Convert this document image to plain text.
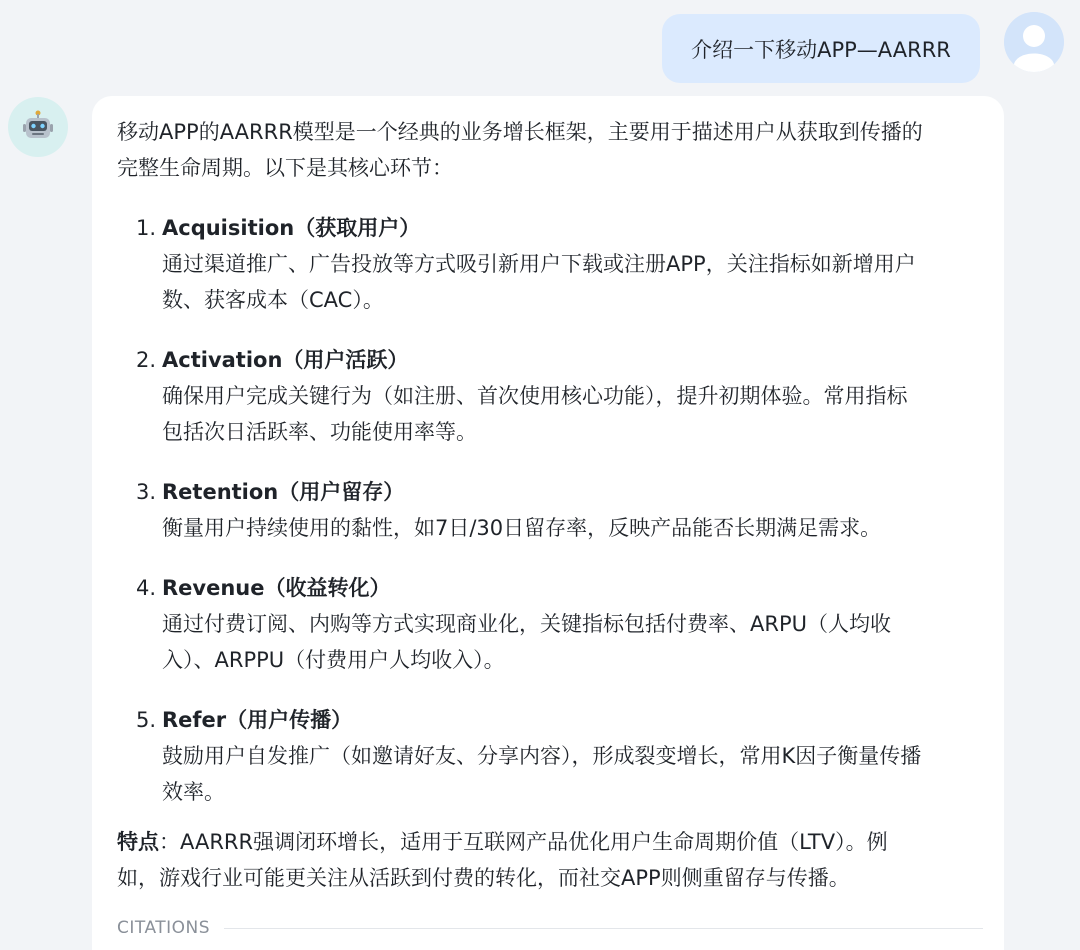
介绍一下移动APP—AARRR

移动APP的AARRR模型是一个经典的业务增长框架，主要用于描述用户从获取到传播的
完整生命周期。以下是其核心环节：

1. Acquisition（获取用户）
通过渠道推广、广告投放等方式吸引新用户下载或注册APP，关注指标如新增用户
数、获客成本（CAC）。
2. Activation（用户活跃）
确保用户完成关键行为（如注册、首次使用核心功能），提升初期体验。常用指标
包括次日活跃率、功能使用率等。
3. Retention（用户留存）
衡量用户持续使用的黏性，如7日/30日留存率，反映产品能否长期满足需求。
4. Revenue（收益转化）
通过付费订阅、内购等方式实现商业化，关键指标包括付费率、ARPU（人均收
入）、ARPPU（付费用户人均收入）。
5. Refer（用户传播）
鼓励用户自发推广（如邀请好友、分享内容），形成裂变增长，常用K因子衡量传播
效率。

特点：AARRR强调闭环增长，适用于互联网产品优化用户生命周期价值（LTV）。例
如，游戏行业可能更关注从活跃到付费的转化，而社交APP则侧重留存与传播。

CITATIONS
